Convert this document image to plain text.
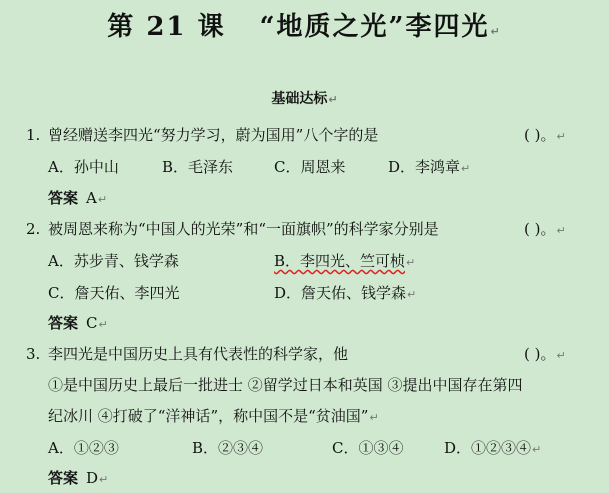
第 21 课 “地质之光”李四光↵
基础达标↵
1. 曾经赠送李四光“努力学习，蔚为国用”八个字的是	( )。↵
A．孙中山	B．毛泽东	C．周恩来	D．李鸿章↵
答案 A↵
2. 被周恩来称为“中国人的光荣”和“一面旗帜”的科学家分别是	( )。↵
A．苏步青、钱学森	B．李四光、竺可桢↵
C．詹天佑、李四光	D．詹天佑、钱学森↵
答案 C↵
3. 李四光是中国历史上具有代表性的科学家，他	( )。↵
①是中国历史上最后一批进士 ②留学过日本和英国 ③提出中国存在第四
纪冰川 ④打破了“洋神话”，称中国不是“贫油国”↵
A．①②③	B．②③④	C．①③④	D．①②③④↵
答案 D↵
